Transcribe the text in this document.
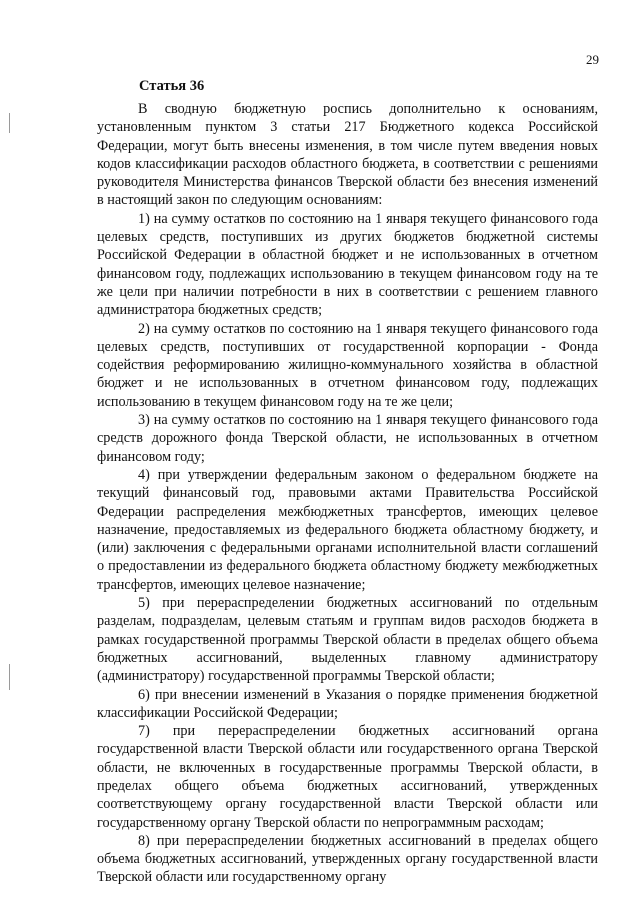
29
Статья 36

В сводную бюджетную роспись дополнительно к основаниям, установленным пунктом 3 статьи 217 Бюджетного кодекса Российской Федерации, могут быть внесены изменения, в том числе путем введения новых кодов классификации расходов областного бюджета, в соответствии с решениями руководителя Министерства финансов Тверской области без внесения изменений в настоящий закон по следующим основаниям:

1) на сумму остатков по состоянию на 1 января текущего финансового года целевых средств, поступивших из других бюджетов бюджетной системы Российской Федерации в областной бюджет и не использованных в отчетном финансовом году, подлежащих использованию в текущем финансовом году на те же цели при наличии потребности в них в соответствии с решением главного администратора бюджетных средств;

2) на сумму остатков по состоянию на 1 января текущего финансового года целевых средств, поступивших от государственной корпорации - Фонда содействия реформированию жилищно-коммунального хозяйства в областной бюджет и не использованных в отчетном финансовом году, подлежащих использованию в текущем финансовом году на те же цели;

3) на сумму остатков по состоянию на 1 января текущего финансового года средств дорожного фонда Тверской области, не использованных в отчетном финансовом году;

4) при утверждении федеральным законом о федеральном бюджете на текущий финансовый год, правовыми актами Правительства Российской Федерации распределения межбюджетных трансфертов, имеющих целевое назначение, предоставляемых из федерального бюджета областному бюджету, и (или) заключения с федеральными органами исполнительной власти соглашений о предоставлении из федерального бюджета областному бюджету межбюджетных трансфертов, имеющих целевое назначение;

5) при перераспределении бюджетных ассигнований по отдельным разделам, подразделам, целевым статьям и группам видов расходов бюджета в рамках государственной программы Тверской области в пределах общего объема бюджетных ассигнований, выделенных главному администратору (администратору) государственной программы Тверской области;

6) при внесении изменений в Указания о порядке применения бюджетной классификации Российской Федерации;

7) при перераспределении бюджетных ассигнований органа государственной власти Тверской области или государственного органа Тверской области, не включенных в государственные программы Тверской области, в пределах общего объема бюджетных ассигнований, утвержденных соответствующему органу государственной власти Тверской области или государственному органу Тверской области по непрограммным расходам;

8) при перераспределении бюджетных ассигнований в пределах общего объема бюджетных ассигнований, утвержденных органу государственной власти Тверской области или государственному органу
